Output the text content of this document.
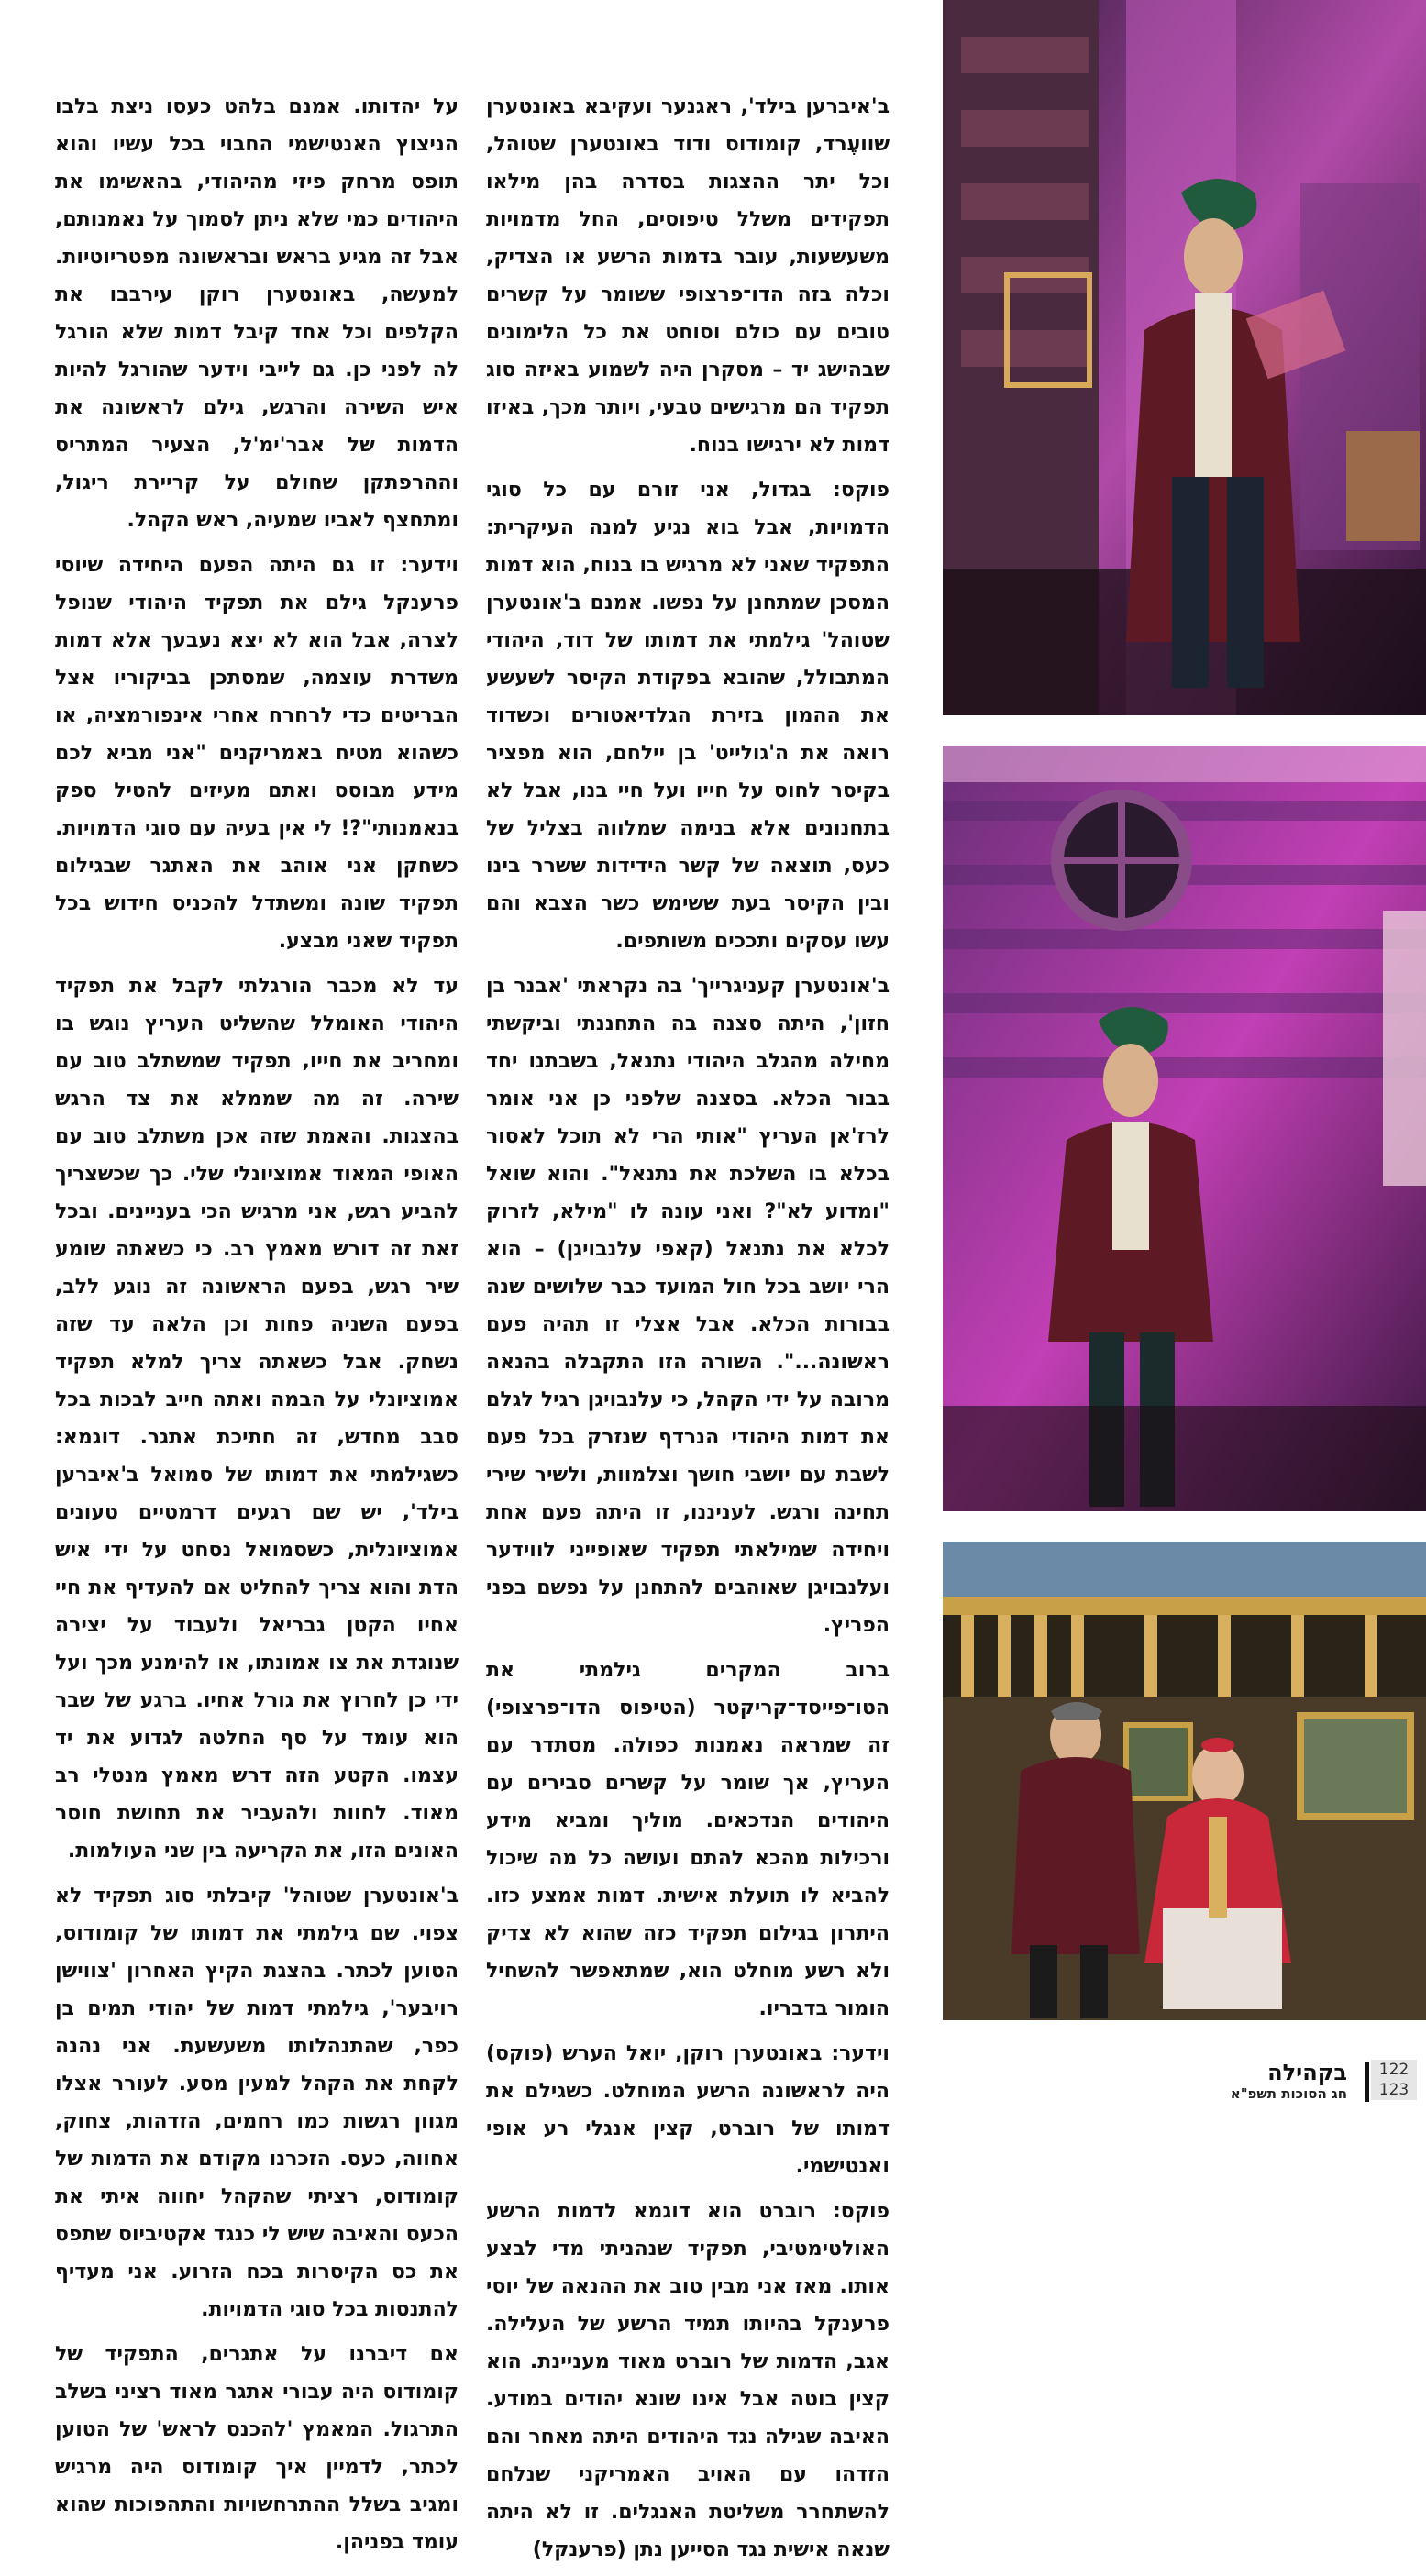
ב'איברען בילד', ראגנער ועקיבא באונטערן שוועֶרד, קומודוס ודוד באונטערן שטוהל, וכל יתר ההצגות בסדרה בהן מילאו תפקידים משלל טיפוסים, החל מדמויות משעשעות, עובר בדמות הרשע או הצדיק, וכלה בזה הדו־פרצופי ששומר על קשרים טובים עם כולם וסוחט את כל הלימונים שבהישג יד – מסקרן היה לשמוע באיזה סוג תפקיד הם מרגישים טבעי, ויותר מכך, באיזו דמות לא ירגישו בנוח.

פוקס: בגדול, אני זורם עם כל סוגי הדמויות, אבל בוא נגיע למנה העיקרית: התפקיד שאני לא מרגיש בו בנוח, הוא דמות המסכן שמתחנן על נפשו. אמנם ב'אונטערן שטוהל' גילמתי את דמותו של דוד, היהודי המתבולל, שהובא בפקודת הקיסר לשעשע את ההמון בזירת הגלדיאטורים וכשדוד רואה את ה'גולייט' בן יילחם, הוא מפציר בקיסר לחוס על חייו ועל חיי בנו, אבל לא בתחנונים אלא בנימה שמלווה בצליל של כעס, תוצאה של קשר הידידות ששרר בינו ובין הקיסר בעת ששימש כשר הצבא והם עשו עסקים ותככים משותפים.

ב'אונטערן קעניגרייך' בה נקראתי 'אבנר בן חזון', היתה סצנה בה התחננתי וביקשתי מחילה מהגלב היהודי נתנאל, בשבתנו יחד בבור הכלא. בסצנה שלפני כן אני אומר לרז'אן העריץ "אותי הרי לא תוכל לאסור בכלא בו השלכת את נתנאל". והוא שואל "ומדוע לא"? ואני עונה לו "מילא, לזרוק לכלא את נתנאל (קאפי עלנבויגן) – הוא הרי יושב בכל חול המועד כבר שלושים שנה בבורות הכלא. אבל אצלי זו תהיה פעם ראשונה...". השורה הזו התקבלה בהנאה מרובה על ידי הקהל, כי עלנבויגן רגיל לגלם את דמות היהודי הנרדף שנזרק בכל פעם לשבת עם יושבי חושך וצלמוות, ולשיר שירי תחינה ורגש. לעניננו, זו היתה פעם אחת ויחידה שמילאתי תפקיד שאופייני לווידער ועלנבויגן שאוהבים להתחנן על נפשם בפני הפריץ.

ברוב המקרים גילמתי את הטו־פייסד־קריקטר (הטיפוס הדו־פרצופי) זה שמראה נאמנות כפולה. מסתדר עם העריץ, אך שומר על קשרים סבירים עם היהודים הנדכאים. מוליך ומביא מידע ורכילות מהכא להתם ועושה כל מה שיכול להביא לו תועלת אישית. דמות אמצע כזו. היתרון בגילום תפקיד כזה שהוא לא צדיק ולא רשע מוחלט הוא, שמתאפשר להשחיל הומור בדבריו.

וידער: באונטערן רוקן, יואל הערש (פוקס) היה לראשונה הרשע המוחלט. כשגילם את דמותו של רוברט, קצין אנגלי רע אופי ואנטישמי.

פוקס: רוברט הוא דוגמא לדמות הרשע האולטימטיבי, תפקיד שנהניתי מדי לבצע אותו. מאז אני מבין טוב את ההנאה של יוסי פרענקל בהיותו תמיד הרשע של העלילה. אגב, הדמות של רוברט מאוד מעניינת. הוא קצין בוטה אבל אינו שונא יהודים במודע. האיבה שגילה נגד היהודים היתה מאחר והם הזדהו עם האויב האמריקני שנלחם להשתחרר משליטת האנגלים. זו לא היתה שנאה אישית נגד הסייען נתן (פרענקל)

על יהדותו. אמנם בלהט כעסו ניצת בלבו הניצוץ האנטישמי החבוי בכל עשיו והוא תופס מרחק פיזי מהיהודי, בהאשימו את היהודים כמי שלא ניתן לסמוך על נאמנותם, אבל זה מגיע בראש ובראשונה מפטריוטיות. למעשה, באונטערן רוקן עירבבו את הקלפים וכל אחד קיבל דמות שלא הורגל לה לפני כן. גם לייבי וידער שהורגל להיות איש השירה והרגש, גילם לראשונה את הדמות של אבר'ימ'ל, הצעיר המתריס וההרפתקן שחולם על קריירת ריגול, ומתחצף לאביו שמעיה, ראש הקהל.

וידער: זו גם היתה הפעם היחידה שיוסי פרענקל גילם את תפקיד היהודי שנופל לצרה, אבל הוא לא יצא נעבעך אלא דמות משדרת עוצמה, שמסתכן בביקוריו אצל הבריטים כדי לרחרח אחרי אינפורמציה, או כשהוא מטיח באמריקנים "אני מביא לכם מידע מבוסס ואתם מעיזים להטיל ספק בנאמנותי"?! לי אין בעיה עם סוגי הדמויות. כשחקן אני אוהב את האתגר שבגילום תפקיד שונה ומשתדל להכניס חידוש בכל תפקיד שאני מבצע.

עד לא מכבר הורגלתי לקבל את תפקיד היהודי האומלל שהשליט העריץ נוגש בו ומחריב את חייו, תפקיד שמשתלב טוב עם שירה. זה מה שממלא את צד הרגש בהצגות. והאמת שזה אכן משתלב טוב עם האופי המאוד אמוציונלי שלי. כך שכשצריך להביע רגש, אני מרגיש הכי בעניינים. ובכל זאת זה דורש מאמץ רב. כי כשאתה שומע שיר רגש, בפעם הראשונה זה נוגע ללב, בפעם השניה פחות וכן הלאה עד שזה נשחק. אבל כשאתה צריך למלא תפקיד אמוציונלי על הבמה ואתה חייב לבכות בכל סבב מחדש, זה חתיכת אתגר. דוגמא: כשגילמתי את דמותו של סמואל ב'איברען בילד', יש שם רגעים דרמטיים טעונים אמוציונלית, כשסמואל נסחט על ידי איש הדת והוא צריך להחליט אם להעדיף את חיי אחיו הקטן גבריאל ולעבוד על יצירה שנוגדת את צו אמונתו, או להימנע מכך ועל ידי כן לחרוץ את גורל אחיו. ברגע של שבר הוא עומד על סף החלטה לגדוע את יד עצמו. הקטע הזה דרש מאמץ מנטלי רב מאוד. לחוות ולהעביר את תחושת חוסר האונים הזו, את הקריעה בין שני העולמות.

ב'אונטערן שטוהל' קיבלתי סוג תפקיד לא צפוי. שם גילמתי את דמותו של קומודוס, הטוען לכתר. בהצגת הקיץ האחרון 'צווישן רויבער', גילמתי דמות של יהודי תמים בן כפר, שהתנהלותו משעשעת. אני נהנה לקחת את הקהל למעין מסע. לעורר אצלו מגוון רגשות כמו רחמים, הזדהות, צחוק, אחווה, כעס. הזכרנו מקודם את הדמות של קומודוס, רציתי שהקהל יחווה איתי את הכעס והאיבה שיש לי כנגד אקטיביוס שתפס את כס הקיסרות בכח הזרוע. אני מעדיף להתנסות בכל סוגי הדמויות.

אם דיברנו על אתגרים, התפקיד של קומודוס היה עבורי אתגר מאוד רציני בשלב התרגול. המאמץ 'להכנס לראש' של הטוען לכתר, לדמיין איך קומודוס היה מרגיש ומגיב בשלל ההתרחשויות והתהפוכות שהוא עומד בפניהן.

בקהילה
חג הסוכות תשפ"א
122
123
